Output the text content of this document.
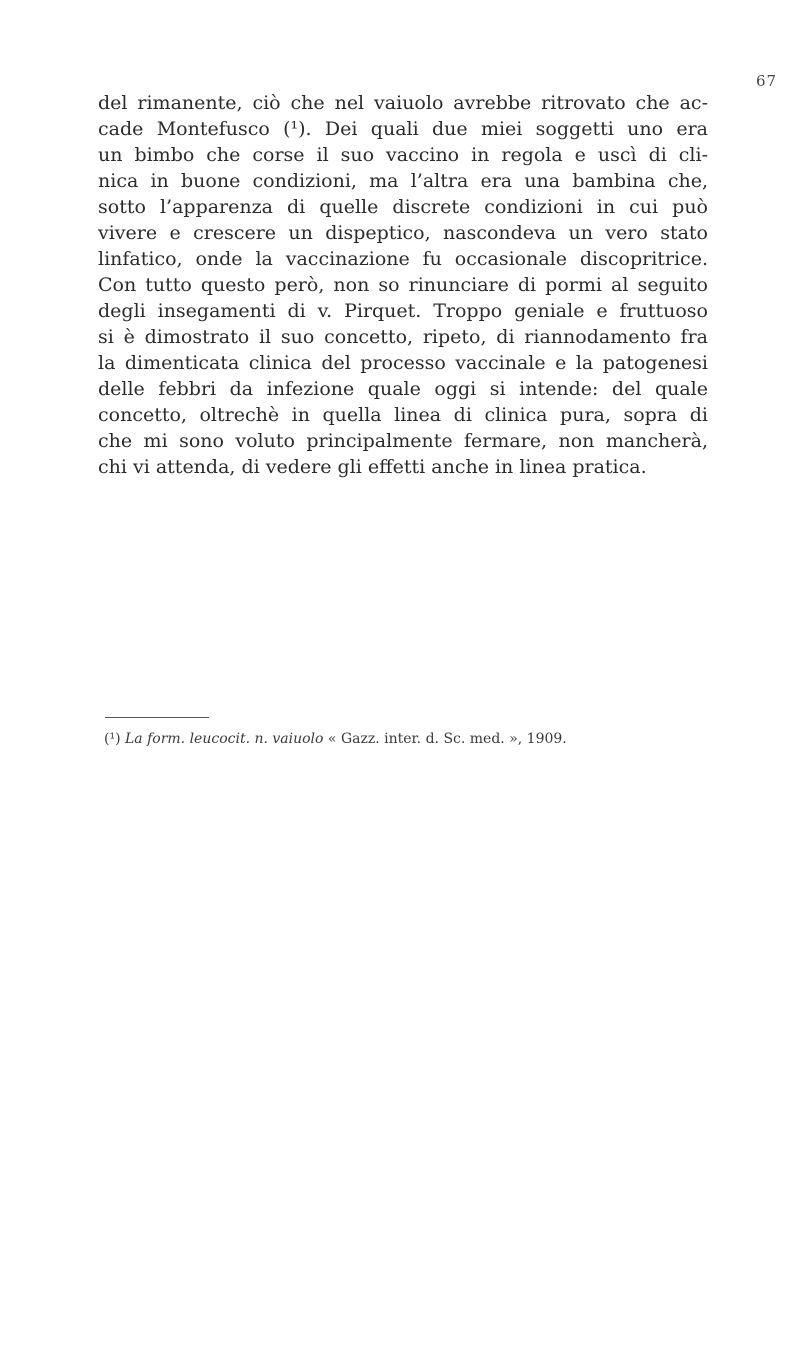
67
del rimanente, ciò che nel vaiuolo avrebbe ritrovato che ac-
cade Montefusco (¹). Dei quali due miei soggetti uno era
un bimbo che corse il suo vaccino in regola e uscì di cli-
nica in buone condizioni, ma l’altra era una bambina che,
sotto l’apparenza di quelle discrete condizioni in cui può
vivere e crescere un dispeptico, nascondeva un vero stato
linfatico, onde la vaccinazione fu occasionale discopritrice.
Con tutto questo però, non so rinunciare di pormi al seguito
degli insegamenti di v. Pirquet. Troppo geniale e fruttuoso
si è dimostrato il suo concetto, ripeto, di riannodamento fra
la dimenticata clinica del processo vaccinale e la patogenesi
delle febbri da infezione quale oggi si intende: del quale
concetto, oltrechè in quella linea di clinica pura, sopra di
che mi sono voluto principalmente fermare, non mancherà,
chi vi attenda, di vedere gli effetti anche in linea pratica.
(¹) La form. leucocit. n. vaiuolo « Gazz. inter. d. Sc. med. », 1909.
